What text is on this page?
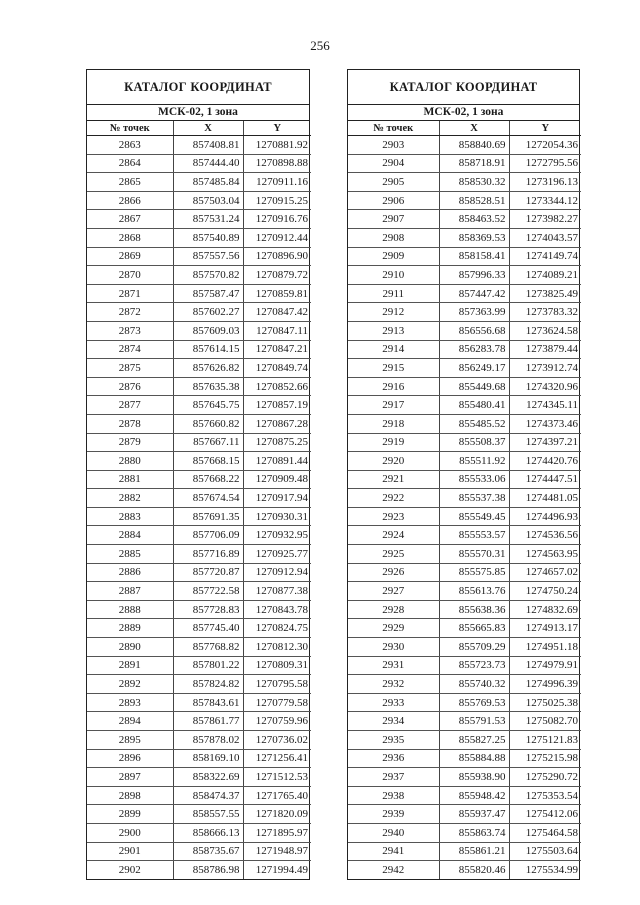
256
КАТАЛОГ КООРДИНАТ
МСК-02, 1 зона
№ точек	X	Y
2863	857408.81	1270881.92
2864	857444.40	1270898.88
2865	857485.84	1270911.16
2866	857503.04	1270915.25
2867	857531.24	1270916.76
2868	857540.89	1270912.44
2869	857557.56	1270896.90
2870	857570.82	1270879.72
2871	857587.47	1270859.81
2872	857602.27	1270847.42
2873	857609.03	1270847.11
2874	857614.15	1270847.21
2875	857626.82	1270849.74
2876	857635.38	1270852.66
2877	857645.75	1270857.19
2878	857660.82	1270867.28
2879	857667.11	1270875.25
2880	857668.15	1270891.44
2881	857668.22	1270909.48
2882	857674.54	1270917.94
2883	857691.35	1270930.31
2884	857706.09	1270932.95
2885	857716.89	1270925.77
2886	857720.87	1270912.94
2887	857722.58	1270877.38
2888	857728.83	1270843.78
2889	857745.40	1270824.75
2890	857768.82	1270812.30
2891	857801.22	1270809.31
2892	857824.82	1270795.58
2893	857843.61	1270779.58
2894	857861.77	1270759.96
2895	857878.02	1270736.02
2896	858169.10	1271256.41
2897	858322.69	1271512.53
2898	858474.37	1271765.40
2899	858557.55	1271820.09
2900	858666.13	1271895.97
2901	858735.67	1271948.97
2902	858786.98	1271994.49
КАТАЛОГ КООРДИНАТ
МСК-02, 1 зона
№ точек	X	Y
2903	858840.69	1272054.36
2904	858718.91	1272795.56
2905	858530.32	1273196.13
2906	858528.51	1273344.12
2907	858463.52	1273982.27
2908	858369.53	1274043.57
2909	858158.41	1274149.74
2910	857996.33	1274089.21
2911	857447.42	1273825.49
2912	857363.99	1273783.32
2913	856556.68	1273624.58
2914	856283.78	1273879.44
2915	856249.17	1273912.74
2916	855449.68	1274320.96
2917	855480.41	1274345.11
2918	855485.52	1274373.46
2919	855508.37	1274397.21
2920	855511.92	1274420.76
2921	855533.06	1274447.51
2922	855537.38	1274481.05
2923	855549.45	1274496.93
2924	855553.57	1274536.56
2925	855570.31	1274563.95
2926	855575.85	1274657.02
2927	855613.76	1274750.24
2928	855638.36	1274832.69
2929	855665.83	1274913.17
2930	855709.29	1274951.18
2931	855723.73	1274979.91
2932	855740.32	1274996.39
2933	855769.53	1275025.38
2934	855791.53	1275082.70
2935	855827.25	1275121.83
2936	855884.88	1275215.98
2937	855938.90	1275290.72
2938	855948.42	1275353.54
2939	855937.47	1275412.06
2940	855863.74	1275464.58
2941	855861.21	1275503.64
2942	855820.46	1275534.99
